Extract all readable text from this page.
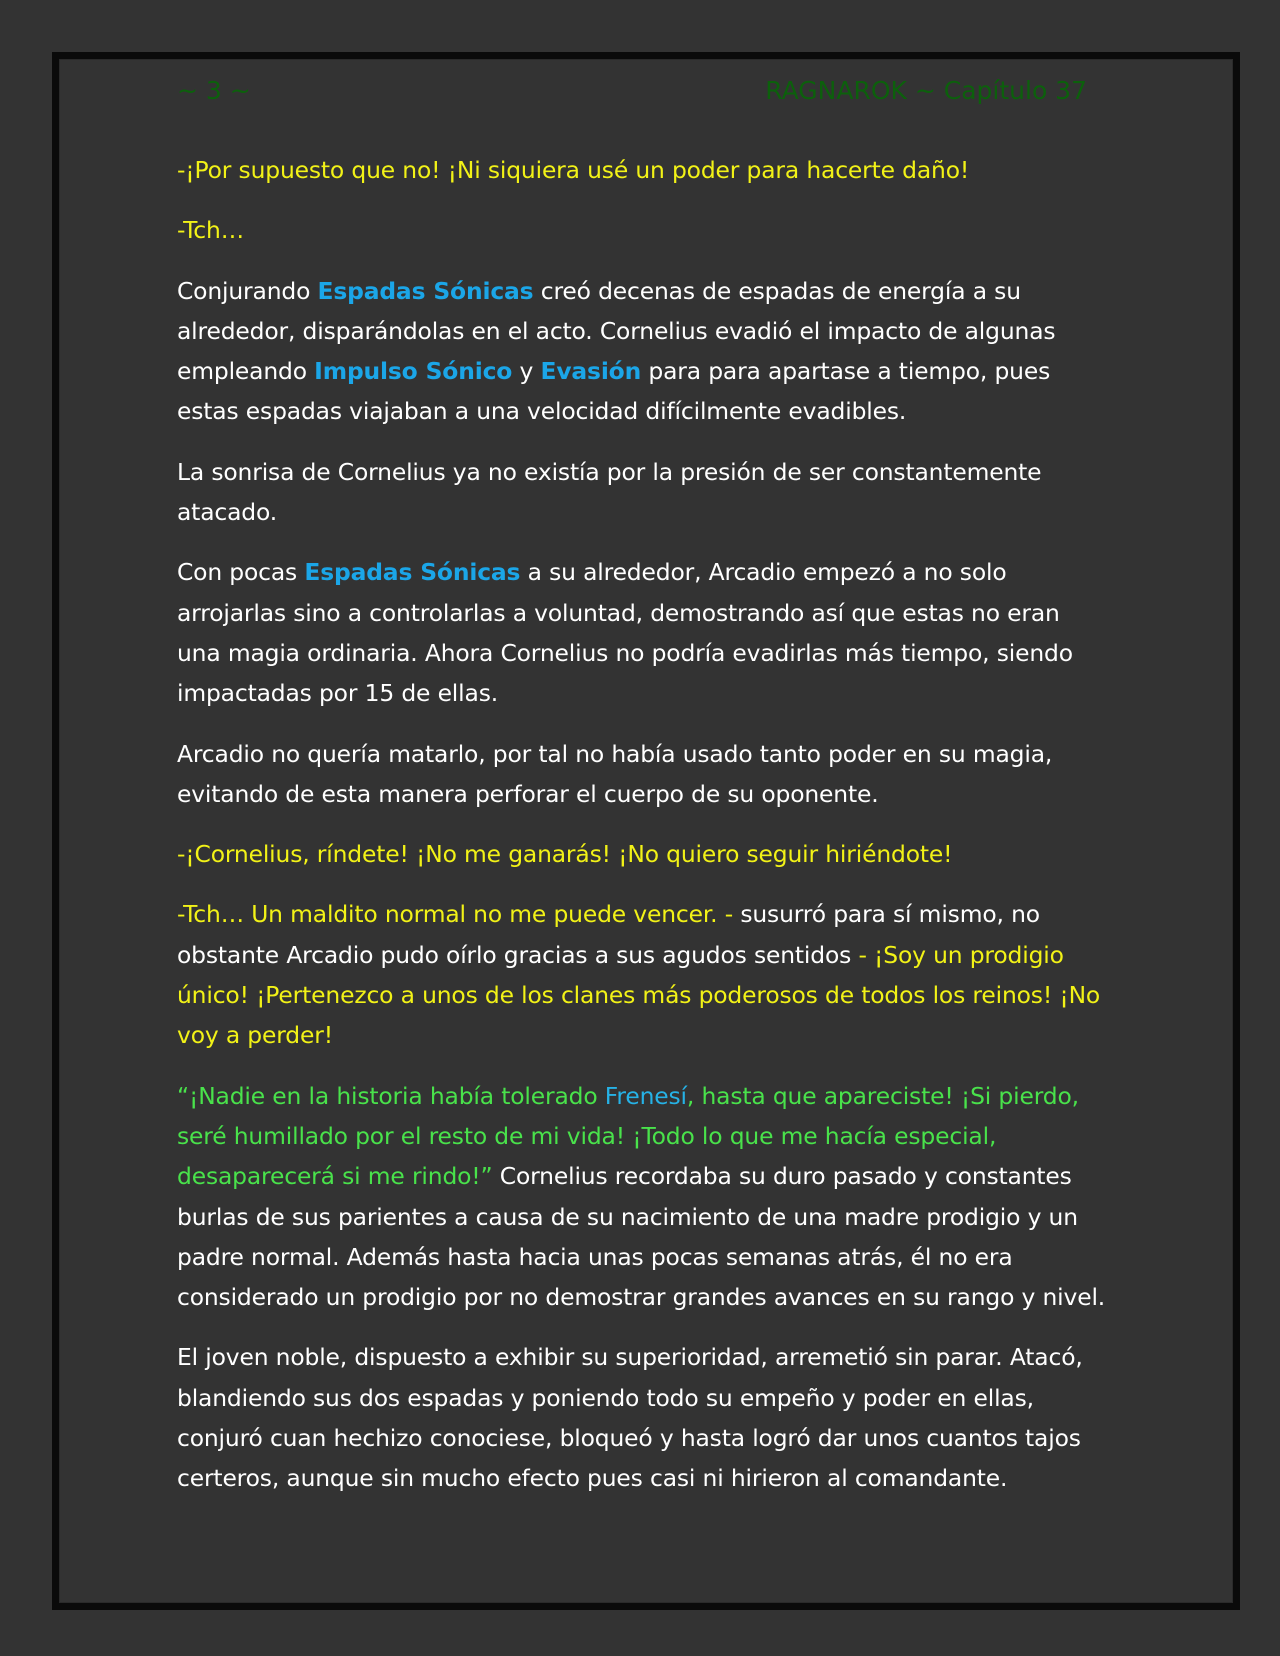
~ 3 ~	RAGNAROK ~ Capítulo 37

-¡Por supuesto que no! ¡Ni siquiera usé un poder para hacerte daño!

-Tch…

Conjurando Espadas Sónicas creó decenas de espadas de energía a su alrededor, disparándolas en el acto. Cornelius evadió el impacto de algunas empleando Impulso Sónico y Evasión para para apartase a tiempo, pues estas espadas viajaban a una velocidad difícilmente evadibles.

La sonrisa de Cornelius ya no existía por la presión de ser constantemente atacado.

Con pocas Espadas Sónicas a su alrededor, Arcadio empezó a no solo arrojarlas sino a controlarlas a voluntad, demostrando así que estas no eran una magia ordinaria. Ahora Cornelius no podría evadirlas más tiempo, siendo impactadas por 15 de ellas.

Arcadio no quería matarlo, por tal no había usado tanto poder en su magia, evitando de esta manera perforar el cuerpo de su oponente.

-¡Cornelius, ríndete! ¡No me ganarás! ¡No quiero seguir hiriéndote!

-Tch… Un maldito normal no me puede vencer. - susurró para sí mismo, no obstante Arcadio pudo oírlo gracias a sus agudos sentidos - ¡Soy un prodigio único! ¡Pertenezco a unos de los clanes más poderosos de todos los reinos! ¡No voy a perder!

“¡Nadie en la historia había tolerado Frenesí, hasta que apareciste! ¡Si pierdo, seré humillado por el resto de mi vida! ¡Todo lo que me hacía especial, desaparecerá si me rindo!” Cornelius recordaba su duro pasado y constantes burlas de sus parientes a causa de su nacimiento de una madre prodigio y un padre normal. Además hasta hacia unas pocas semanas atrás, él no era considerado un prodigio por no demostrar grandes avances en su rango y nivel.

El joven noble, dispuesto a exhibir su superioridad, arremetió sin parar. Atacó, blandiendo sus dos espadas y poniendo todo su empeño y poder en ellas, conjuró cuan hechizo conociese, bloqueó y hasta logró dar unos cuantos tajos certeros, aunque sin mucho efecto pues casi ni hirieron al comandante.
